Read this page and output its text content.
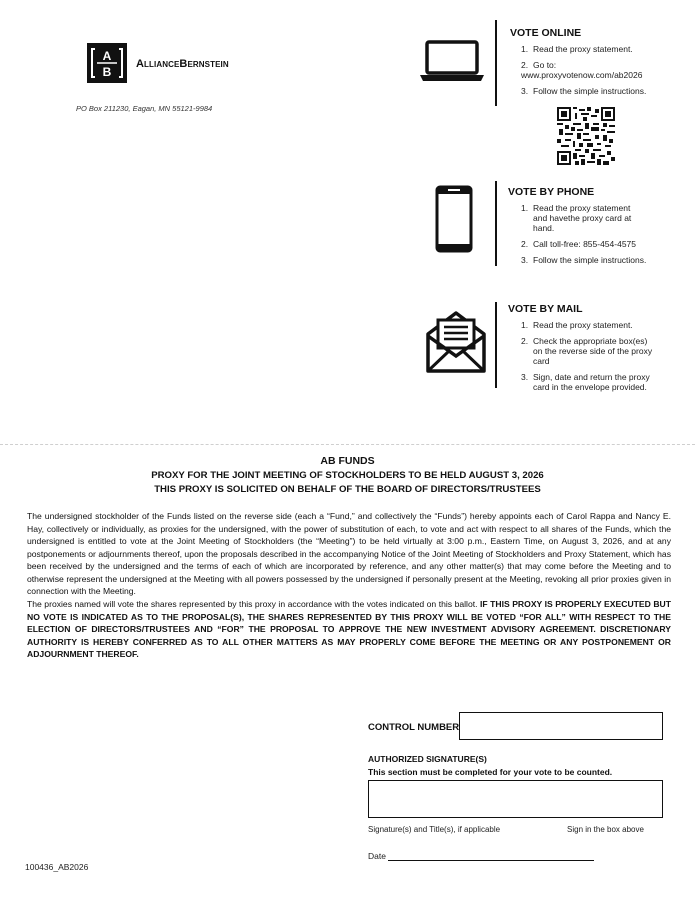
A
B
AllianceBernstein
PO Box 211230, Eagan, MN 55121-9984
VOTE ONLINE
1. Read the proxy statement.
2. Go to:
www.proxyvotenow.com/ab2026
3. Follow the simple instructions.
VOTE BY PHONE
1. Read the proxy statement and havethe proxy card at hand.
2. Call toll-free: 855-454-4575
3. Follow the simple instructions.
VOTE BY MAIL
1. Read the proxy statement.
2. Check the appropriate box(es) on the reverse side of the proxy card
3. Sign, date and return the proxy card in the envelope provided.
AB FUNDS
PROXY FOR THE JOINT MEETING OF STOCKHOLDERS TO BE HELD AUGUST 3, 2026
THIS PROXY IS SOLICITED ON BEHALF OF THE BOARD OF DIRECTORS/TRUSTEES
The undersigned stockholder of the Funds listed on the reverse side (each a “Fund,” and collectively the “Funds”) hereby appoints each of Carol Rappa and Nancy E. Hay, collectively or individually, as proxies for the undersigned, with the power of substitution of each, to vote and act with respect to all shares of the Funds, which the undersigned is entitled to vote at the Joint Meeting of Stockholders (the “Meeting”) to be held virtually at 3:00 p.m., Eastern Time, on August 3, 2026, and at any postponements or adjournments thereof, upon the proposals described in the accompanying Notice of the Joint Meeting of Stockholders and Proxy Statement, which has been received by the undersigned and the terms of each of which are incorporated by reference, and any other matter(s) that may come before the Meeting and to otherwise represent the undersigned at the Meeting with all powers possessed by the undersigned if personally present at the Meeting, revoking all prior proxies given in connection with the Meeting.
The proxies named will vote the shares represented by this proxy in accordance with the votes indicated on this ballot. IF THIS PROXY IS PROPERLY EXECUTED BUT NO VOTE IS INDICATED AS TO THE PROPOSAL(S), THE SHARES REPRESENTED BY THIS PROXY WILL BE VOTED “FOR ALL” WITH RESPECT TO THE ELECTION OF DIRECTORS/TRUSTEES AND “FOR” THE PROPOSAL TO APPROVE THE NEW INVESTMENT ADVISORY AGREEMENT. DISCRETIONARY AUTHORITY IS HEREBY CONFERRED AS TO ALL OTHER MATTERS AS MAY PROPERLY COME BEFORE THE MEETING OR ANY POSTPONEMENT OR ADJOURNMENT THEREOF.
CONTROL NUMBER
AUTHORIZED SIGNATURE(S)
This section must be completed for your vote to be counted.
Signature(s) and Title(s), if applicable	Sign in the box above
Date
100436_AB2026
